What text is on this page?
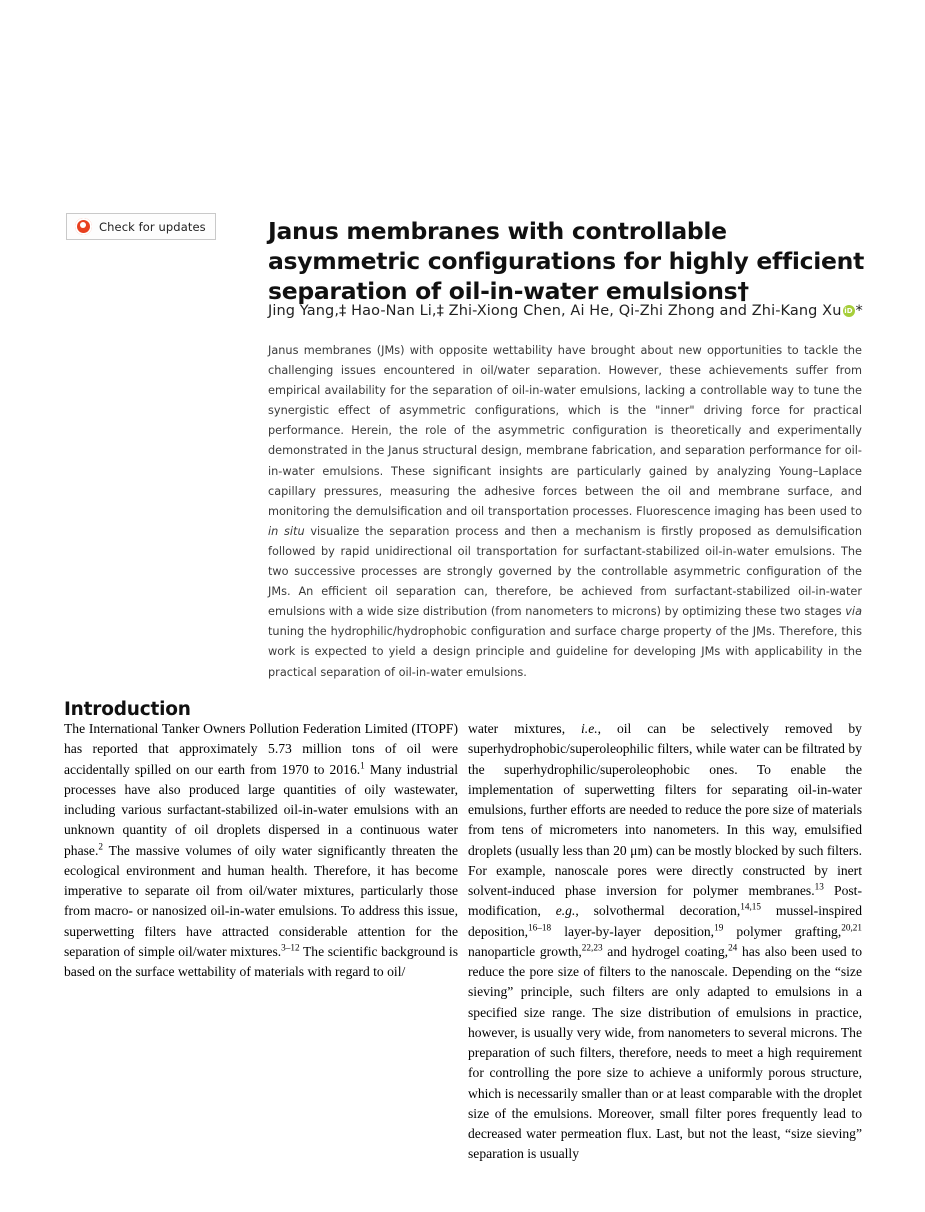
Check for updates	Janus membranes with controllable asymmetric configurations for highly efficient separation of oil-in-water emulsions†
Jing Yang,‡ Hao-Nan Li,‡ Zhi-Xiong Chen, Ai He, Qi-Zhi Zhong and Zhi-Kang Xu iD *
Janus membranes (JMs) with opposite wettability have brought about new opportunities to tackle the challenging issues encountered in oil/water separation. However, these achievements suffer from empirical availability for the separation of oil-in-water emulsions, lacking a controllable way to tune the synergistic effect of asymmetric configurations, which is the "inner" driving force for practical performance. Herein, the role of the asymmetric configuration is theoretically and experimentally demonstrated in the Janus structural design, membrane fabrication, and separation performance for oil-in-water emulsions. These significant insights are particularly gained by analyzing Young–Laplace capillary pressures, measuring the adhesive forces between the oil and membrane surface, and monitoring the demulsification and oil transportation processes. Fluorescence imaging has been used to in situ visualize the separation process and then a mechanism is firstly proposed as demulsification followed by rapid unidirectional oil transportation for surfactant-stabilized oil-in-water emulsions. The two successive processes are strongly governed by the controllable asymmetric configuration of the JMs. An efficient oil separation can, therefore, be achieved from surfactant-stabilized oil-in-water emulsions with a wide size distribution (from nanometers to microns) by optimizing these two stages via tuning the hydrophilic/hydrophobic configuration and surface charge property of the JMs. Therefore, this work is expected to yield a design principle and guideline for developing JMs with applicability in the practical separation of oil-in-water emulsions.
Introduction

The International Tanker Owners Pollution Federation Limited (ITOPF) has reported that approximately 5.73 million tons of oil were accidentally spilled on our earth from 1970 to 2016.$^1$ Many industrial processes have also produced large quantities of oily wastewater, including various surfactant-stabilized oil-in-water emulsions with an unknown quantity of oil droplets dispersed in a continuous water phase.$^2$ The massive volumes of oily water significantly threaten the ecological environment and human health. Therefore, it has become imperative to separate oil from oil/water mixtures, particularly those from macro- or nanosized oil-in-water emulsions. To address this issue, superwetting filters have attracted considerable attention for the separation of simple oil/water mixtures.$^{3-12}$ The scientific background is based on the surface wettability of materials with regard to oil/

water mixtures, i.e., oil can be selectively removed by superhydrophobic/superoleophilic filters, while water can be filtrated by the superhydrophilic/superoleophobic ones. To enable the implementation of superwetting filters for separating oil-in-water emulsions, further efforts are needed to reduce the pore size of materials from tens of micrometers into nanometers. In this way, emulsified droplets (usually less than 20 μm) can be mostly blocked by such filters. For example, nanoscale pores were directly constructed by inert solvent-induced phase inversion for polymer membranes.$^{13}$ Post-modification, e.g., solvothermal decoration,$^{14,15}$ mussel-inspired deposition,$^{16-18}$ layer-by-layer deposition,$^{19}$ polymer grafting,$^{20,21}$ nanoparticle growth,$^{22,23}$ and hydrogel coating,$^{24}$ has also been used to reduce the pore size of filters to the nanoscale. Depending on the “size sieving” principle, such filters are only adapted to emulsions in a specified size range. The size distribution of emulsions in practice, however, is usually very wide, from nanometers to several microns. The preparation of such filters, therefore, needs to meet a high requirement for controlling the pore size to achieve a uniformly porous structure, which is necessarily smaller than or at least comparable with the droplet size of the emulsions. Moreover, small filter pores frequently lead to decreased water permeation flux. Last, but not the least, “size sieving” separation is usually
